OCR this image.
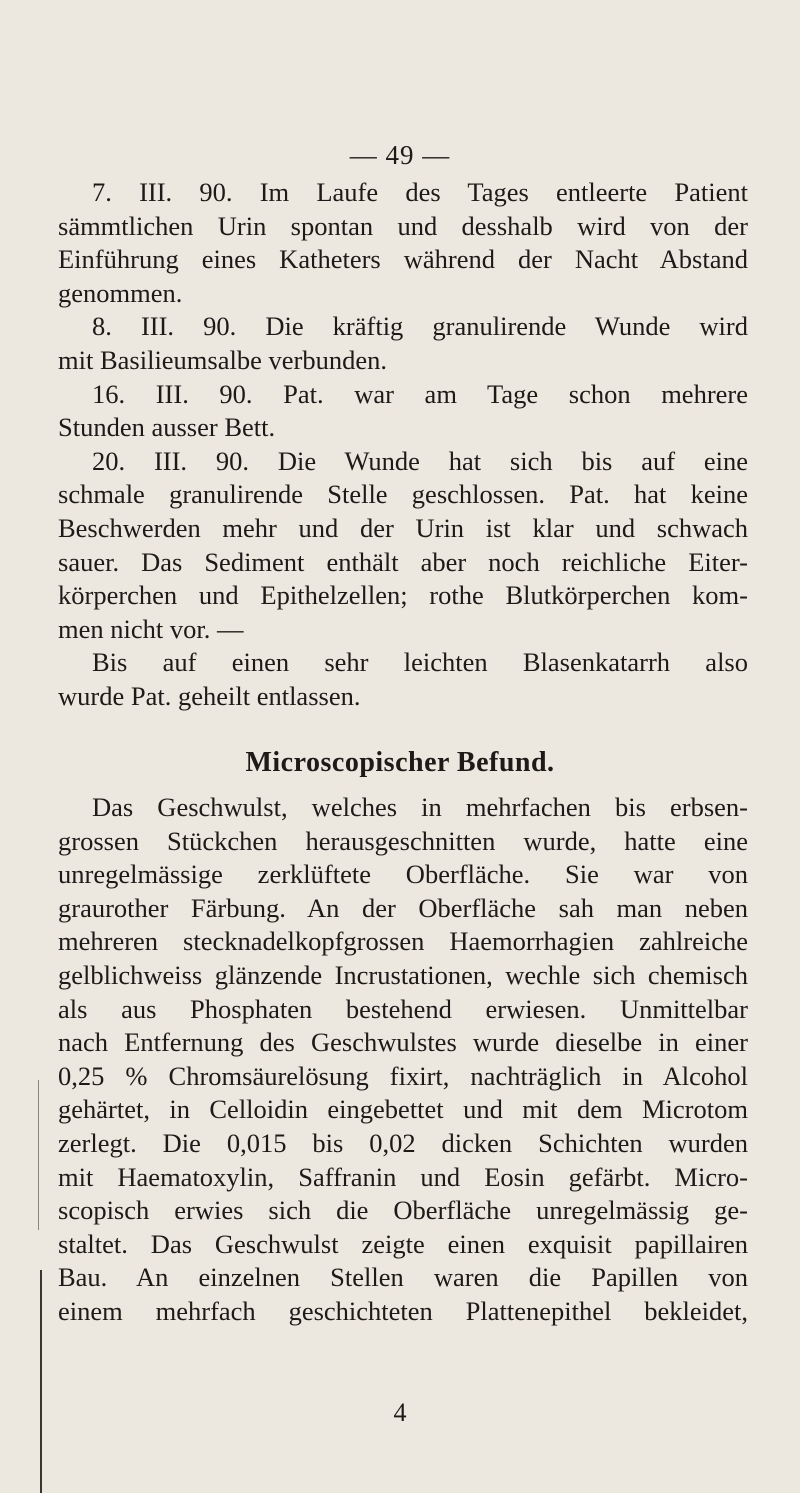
— 49 —
7. III. 90. Im Laufe des Tages entleerte Patient
sämmtlichen Urin spontan und desshalb wird von der
Einführung eines Katheters während der Nacht Abstand
genommen.
8. III. 90. Die kräftig granulirende Wunde wird
mit Basilieumsalbe verbunden.
16. III. 90. Pat. war am Tage schon mehrere
Stunden ausser Bett.
20. III. 90. Die Wunde hat sich bis auf eine
schmale granulirende Stelle geschlossen. Pat. hat keine
Beschwerden mehr und der Urin ist klar und schwach
sauer. Das Sediment enthält aber noch reichliche Eiter-
körperchen und Epithelzellen; rothe Blutkörperchen kom-
men nicht vor. —
Bis auf einen sehr leichten Blasenkatarrh also
wurde Pat. geheilt entlassen.
Microscopischer Befund.
Das Geschwulst, welches in mehrfachen bis erbsen-
grossen Stückchen herausgeschnitten wurde, hatte eine
unregelmässige zerklüftete Oberfläche. Sie war von
graurother Färbung. An der Oberfläche sah man neben
mehreren stecknadelkopfgrossen Haemorrhagien zahlreiche
gelblichweiss glänzende Incrustationen, wechle sich chemisch
als aus Phosphaten bestehend erwiesen. Unmittelbar
nach Entfernung des Geschwulstes wurde dieselbe in einer
0,25 % Chromsäurelösung fixirt, nachträglich in Alcohol
gehärtet, in Celloidin eingebettet und mit dem Microtom
zerlegt. Die 0,015 bis 0,02 dicken Schichten wurden
mit Haematoxylin, Saffranin und Eosin gefärbt. Micro-
scopisch erwies sich die Oberfläche unregelmässig ge-
staltet. Das Geschwulst zeigte einen exquisit papillairen
Bau. An einzelnen Stellen waren die Papillen von
einem mehrfach geschichteten Plattenepithel bekleidet,
4
